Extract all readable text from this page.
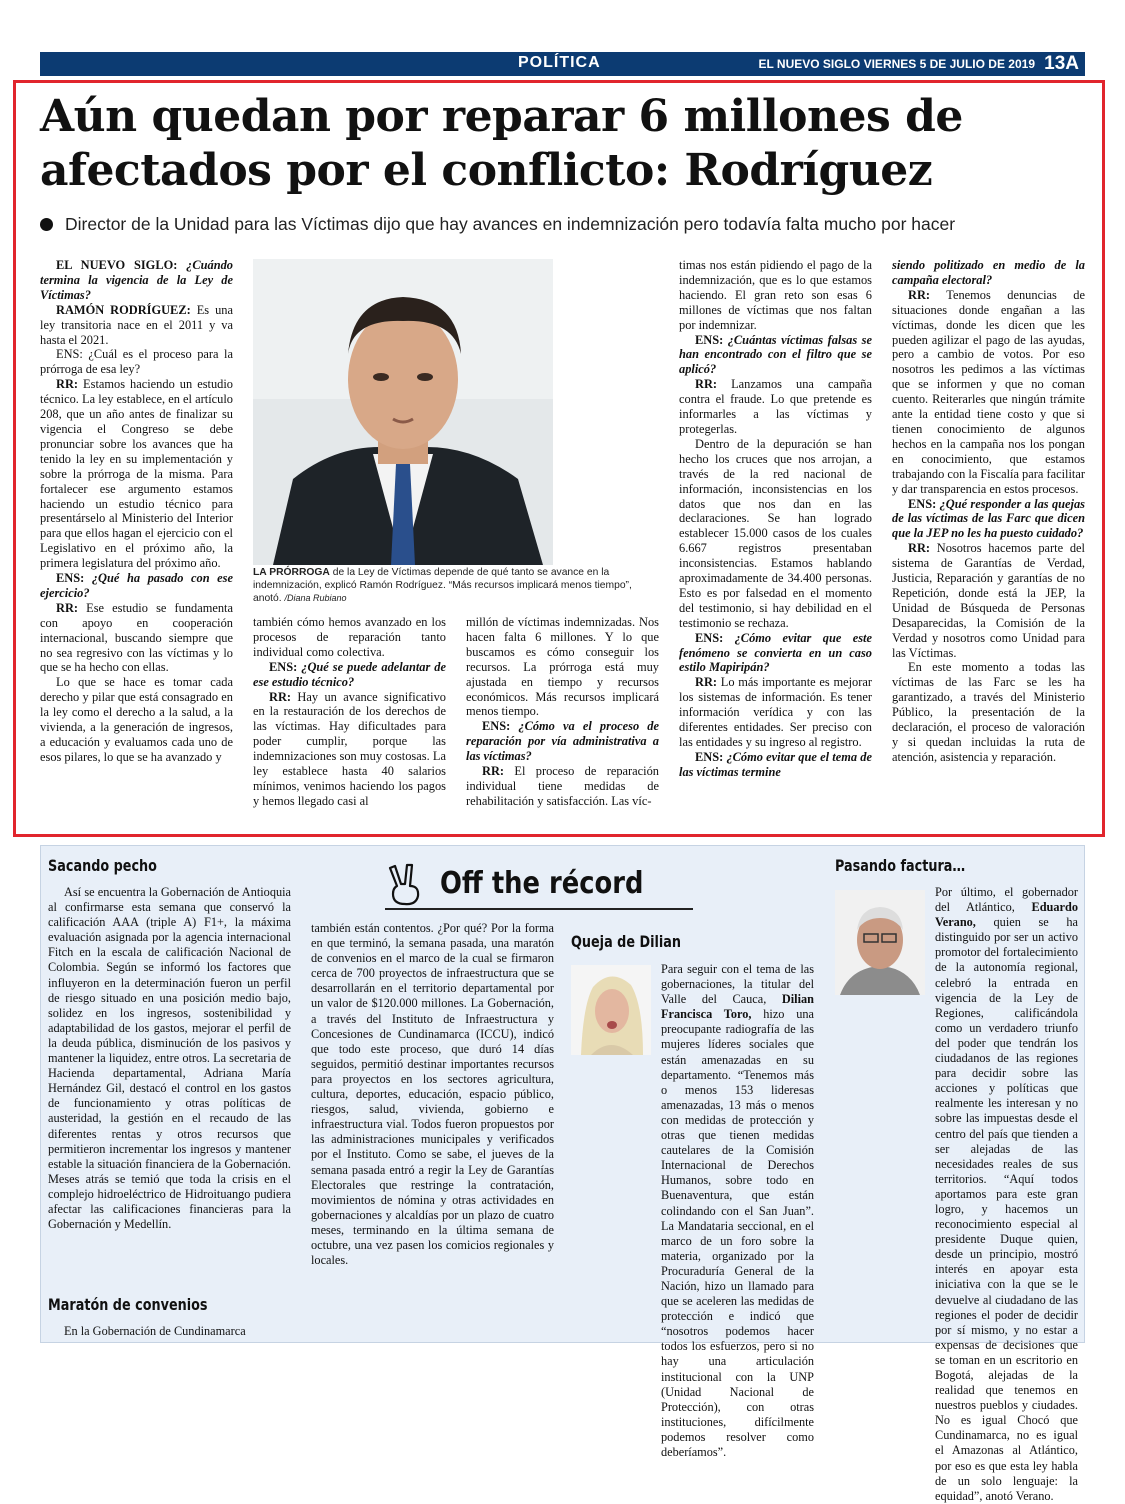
POLÍTICA	EL NUEVO SIGLO VIERNES 5 DE JULIO DE 2019 13A
Aún quedan por reparar 6 millones de
afectados por el conflicto: Rodríguez
Director de la Unidad para las Víctimas dijo que hay avances en indemnización pero todavía falta mucho por hacer

EL NUEVO SIGLO: ¿Cuándo termina la vigencia de la Ley de Víctimas?

RAMÓN RODRÍGUEZ: Es una ley transitoria nace en el 2011 y va hasta el 2021.

ENS: ¿Cuál es el proceso para la prórroga de esa ley?

RR: Estamos haciendo un estudio técnico. La ley establece, en el artículo 208, que un año antes de finalizar su vigencia el Congreso se debe pronunciar sobre los avances que ha tenido la ley en su implementación y sobre la prórroga de la misma. Para fortalecer ese argumento estamos haciendo un estudio técnico para presentárselo al Ministerio del Interior para que ellos hagan el ejercicio con el Legislativo en el próximo año, la primera legislatura del próximo año.

ENS: ¿Qué ha pasado con ese ejercicio?

RR: Ese estudio se fundamenta con apoyo en cooperación internacional, buscando siempre que no sea regresivo con las víctimas y lo que se ha hecho con ellas.

Lo que se hace es tomar cada derecho y pilar que está consagrado en la ley como el derecho a la salud, a la vivienda, a la generación de ingresos, a educación y evaluamos cada uno de esos pilares, lo que se ha avanzado y

LA PRÓRROGA de la Ley de Víctimas depende de qué tanto se avance en la indemnización, explicó Ramón Rodríguez. “Más recursos implicará menos tiempo”, anotó. /Diana Rubiano

también cómo hemos avanzado en los procesos de reparación tanto individual como colectiva.

ENS: ¿Qué se puede adelantar de ese estudio técnico?

RR: Hay un avance significativo en la restauración de los derechos de las víctimas. Hay dificultades para poder cumplir, porque las indemnizaciones son muy costosas. La ley establece hasta 40 salarios mínimos, venimos haciendo los pagos y hemos llegado casi al

millón de víctimas indemnizadas. Nos hacen falta 6 millones. Y lo que buscamos es cómo conseguir los recursos. La prórroga está muy ajustada en tiempo y recursos económicos. Más recursos implicará menos tiempo.

ENS: ¿Cómo va el proceso de reparación por vía administrativa a las víctimas?

RR: El proceso de reparación individual tiene medidas de rehabilitación y satisfacción. Las víc-

timas nos están pidiendo el pago de la indemnización, que es lo que estamos haciendo. El gran reto son esas 6 millones de víctimas que nos faltan por indemnizar.

ENS: ¿Cuántas víctimas falsas se han encontrado con el filtro que se aplicó?

RR: Lanzamos una campaña contra el fraude. Lo que pretende es informarles a las víctimas y protegerlas.

Dentro de la depuración se han hecho los cruces que nos arrojan, a través de la red nacional de información, inconsistencias en los datos que nos dan en las declaraciones. Se han logrado establecer 15.000 casos de los cuales 6.667 registros presentaban inconsistencias. Estamos hablando aproximadamente de 34.400 personas. Esto es por falsedad en el momento del testimonio, si hay debilidad en el testimonio se rechaza.

ENS: ¿Cómo evitar que este fenómeno se convierta en un caso estilo Mapiripán?

RR: Lo más importante es mejorar los sistemas de información. Es tener información verídica y con las diferentes entidades. Ser preciso con las entidades y su ingreso al registro.

ENS: ¿Cómo evitar que el tema de las víctimas termine

siendo politizado en medio de la campaña electoral?

RR: Tenemos denuncias de situaciones donde engañan a las víctimas, donde les dicen que les pueden agilizar el pago de las ayudas, pero a cambio de votos. Por eso nosotros les pedimos a las víctimas que se informen y que no coman cuento. Reiterarles que ningún trámite ante la entidad tiene costo y que si tienen conocimiento de algunos hechos en la campaña nos los pongan en conocimiento, que estamos trabajando con la Fiscalía para facilitar y dar transparencia en estos procesos.

ENS: ¿Qué responder a las quejas de las víctimas de las Farc que dicen que la JEP no les ha puesto cuidado?

RR: Nosotros hacemos parte del sistema de Garantías de Verdad, Justicia, Reparación y garantías de no Repetición, donde está la JEP, la Unidad de Búsqueda de Personas Desaparecidas, la Comisión de la Verdad y nosotros como Unidad para las Víctimas.

En este momento a todas las víctimas de las Farc se les ha garantizado, a través del Ministerio Público, la presentación de la declaración, el proceso de valoración y si quedan incluidas la ruta de atención, asistencia y reparación.

Off the récord
Sacando pecho

Así se encuentra la Gobernación de Antioquia al confirmarse esta semana que conservó la calificación AAA (triple A) F1+, la máxima evaluación asignada por la agencia internacional Fitch en la escala de calificación Nacional de Colombia. Según se informó los factores que influyeron en la determinación fueron un perfil de riesgo situado en una posición medio bajo, solidez en los ingresos, sostenibilidad y adaptabilidad de los gastos, mejorar el perfil de la deuda pública, disminución de los pasivos y mantener la liquidez, entre otros. La secretaria de Hacienda departamental, Adriana María Hernández Gil, destacó el control en los gastos de funcionamiento y otras políticas de austeridad, la gestión en el recaudo de las diferentes rentas y otros recursos que permitieron incrementar los ingresos y mantener estable la situación financiera de la Gobernación. Meses atrás se temió que toda la crisis en el complejo hidroeléctrico de Hidroituango pudiera afectar las calificaciones financieras para la Gobernación y Medellín.

Maratón de convenios

En la Gobernación de Cundinamarca

también están contentos. ¿Por qué? Por la forma en que terminó, la semana pasada, una maratón de convenios en el marco de la cual se firmaron cerca de 700 proyectos de infraestructura que se desarrollarán en el territorio departamental por un valor de $120.000 millones. La Gobernación, a través del Instituto de Infraestructura y Concesiones de Cundinamarca (ICCU), indicó que todo este proceso, que duró 14 días seguidos, permitió destinar importantes recursos para proyectos en los sectores agricultura, cultura, deportes, educación, espacio público, riesgos, salud, vivienda, gobierno e infraestructura vial. Todos fueron propuestos por las administraciones municipales y verificados por el Instituto. Como se sabe, el jueves de la semana pasada entró a regir la Ley de Garantías Electorales que restringe la contratación, movimientos de nómina y otras actividades en gobernaciones y alcaldías por un plazo de cuatro meses, terminando en la última semana de octubre, una vez pasen los comicios regionales y locales.

Queja de Dilian

Para seguir con el tema de las gobernaciones, la titular del Valle del Cauca, Dilian Francisca Toro, hizo una preocupante radiografía de las mujeres líderes sociales que están amenazadas en su departamento. “Tenemos más o menos 153 lideresas amenazadas, 13 más o menos con medidas de protección y otras que tienen medidas cautelares de la Comisión Internacional de Derechos Humanos, sobre todo en Buenaventura, que están colindando con el San Juan”. La Mandataria seccional, en el marco de un foro sobre la materia, organizado por la Procuraduría General de la Nación, hizo un llamado para que se aceleren las medidas de protección e indicó que “nosotros podemos hacer todos los esfuerzos, pero si no hay una articulación institucional con la UNP (Unidad Nacional de Protección), con otras instituciones, difícilmente podemos resolver como deberíamos”.

Pasando factura…

Por último, el gobernador del Atlántico, Eduardo Verano, quien se ha distinguido por ser un activo promotor del fortalecimiento de la autonomía regional, celebró la entrada en vigencia de la Ley de Regiones, calificándola como un verdadero triunfo del poder que tendrán los ciudadanos de las regiones para decidir sobre las acciones y políticas que realmente les interesan y no sobre las impuestas desde el centro del país que tienden a ser alejadas de las necesidades reales de sus territorios. “Aquí todos aportamos para este gran logro, y hacemos un reconocimiento especial al presidente Duque quien, desde un principio, mostró interés en apoyar esta iniciativa con la que se le devuelve al ciudadano de las regiones el poder de decidir por sí mismo, y no estar a expensas de decisiones que se toman en un escritorio en Bogotá, alejadas de la realidad que tenemos en nuestros pueblos y ciudades. No es igual Chocó que Cundinamarca, no es igual el Amazonas al Atlántico, por eso es que esta ley habla de un solo lenguaje: la equidad”, anotó Verano.
